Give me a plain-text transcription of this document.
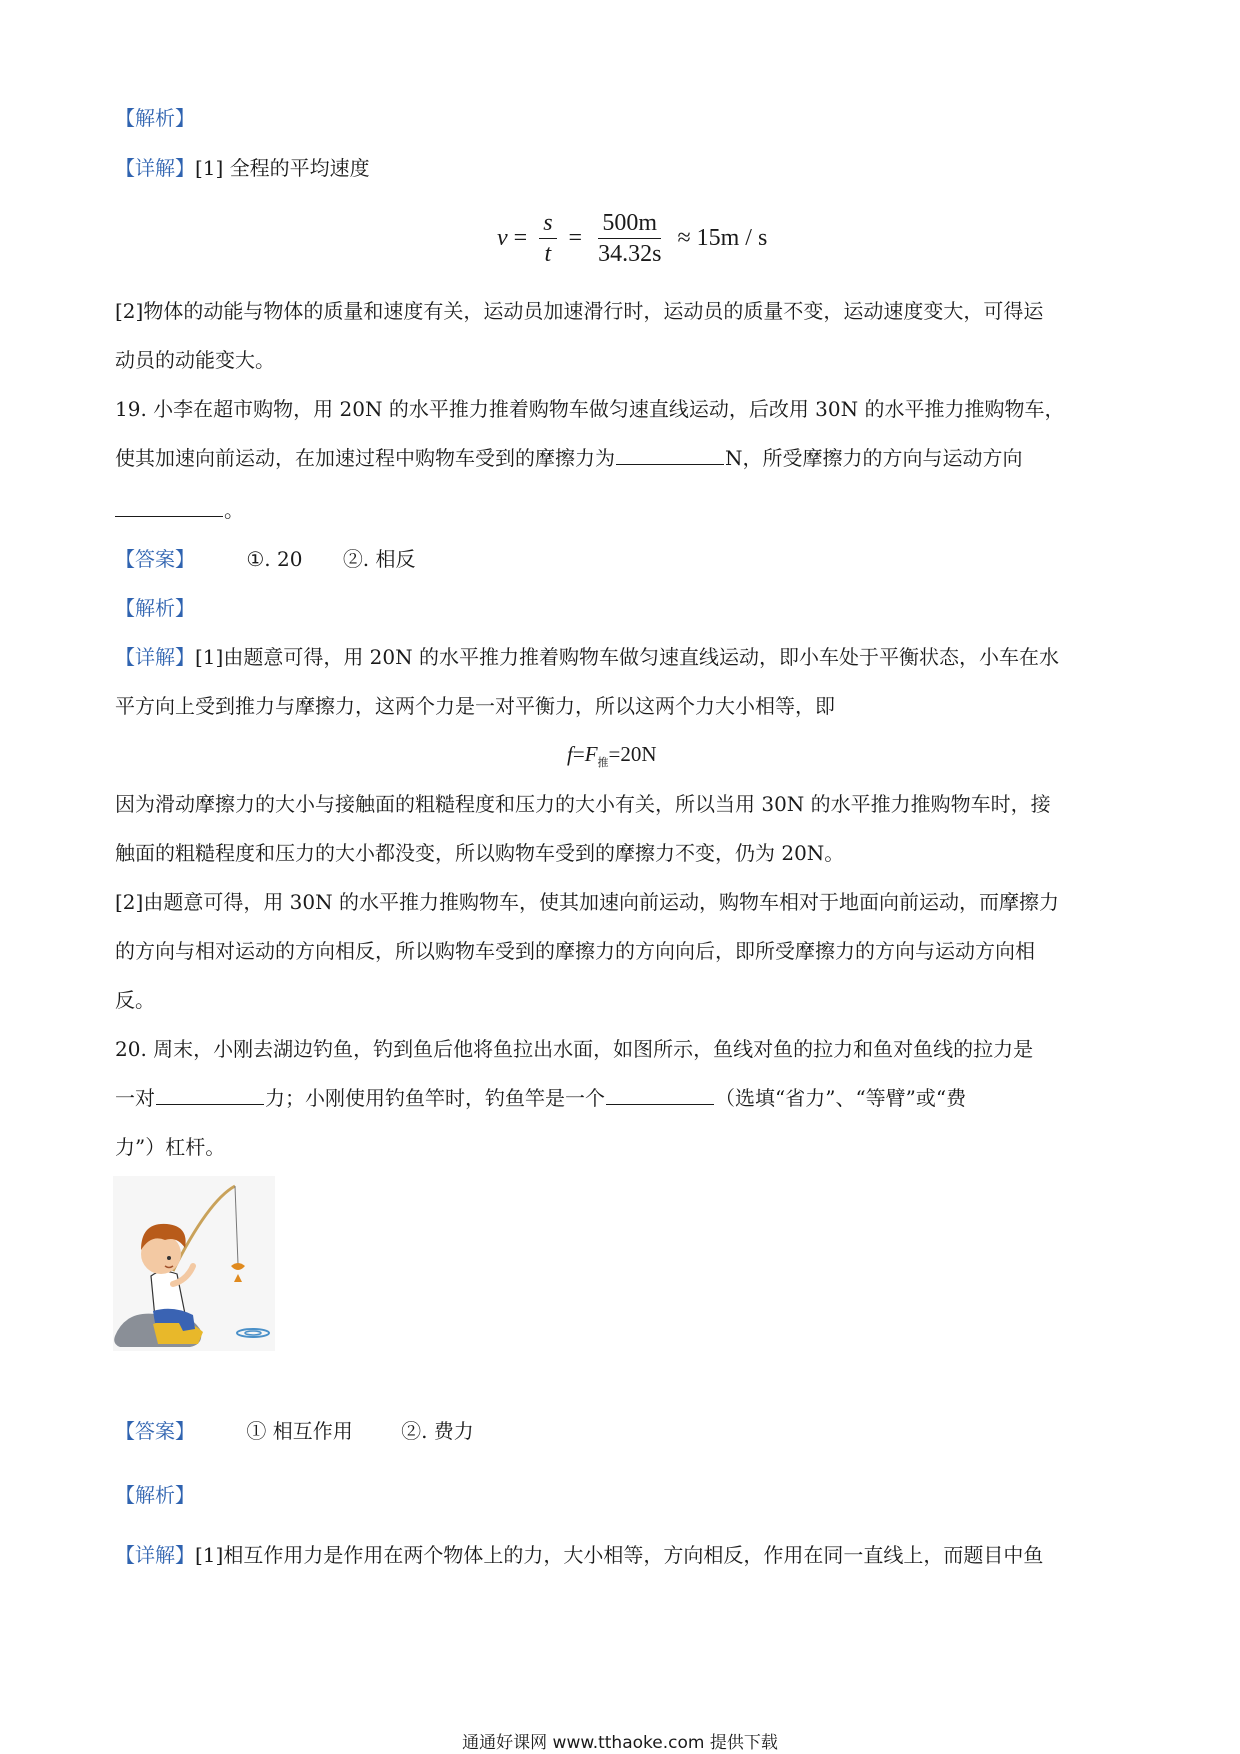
【解析】
【详解】[1] 全程的平均速度
$v = \frac{s}{t} = \frac{500m}{34.32s} \approx 15m / s$
[2]物体的动能与物体的质量和速度有关，运动员加速滑行时，运动员的质量不变，运动速度变大，可得运
动员的动能变大。
19. 小李在超市购物，用 20N 的水平推力推着购物车做匀速直线运动，后改用 30N 的水平推力推购物车，
使其加速向前运动，在加速过程中购物车受到的摩擦力为	N，所受摩擦力的方向与运动方向
。
【答案】	①. 20 ②. 相反
【解析】
【详解】[1]由题意可得，用 20N 的水平推力推着购物车做匀速直线运动，即小车处于平衡状态，小车在水
平方向上受到推力与摩擦力，这两个力是一对平衡力，所以这两个力大小相等，即
$f=F_推=20N$
因为滑动摩擦力的大小与接触面的粗糙程度和压力的大小有关，所以当用 30N 的水平推力推购物车时，接
触面的粗糙程度和压力的大小都没变，所以购物车受到的摩擦力不变，仍为 20N。
[2]由题意可得，用 30N 的水平推力推购物车，使其加速向前运动，购物车相对于地面向前运动，而摩擦力
的方向与相对运动的方向相反，所以购物车受到的摩擦力的方向向后，即所受摩擦力的方向与运动方向相
反。
20. 周末，小刚去湖边钓鱼，钓到鱼后他将鱼拉出水面，如图所示，鱼线对鱼的拉力和鱼对鱼线的拉力是
一对	力；小刚使用钓鱼竿时，钓鱼竿是一个	（选填“省力”、“等臂”或“费
力”）杠杆。
【答案】	① 相互作用 ②. 费力
【解析】
【详解】[1]相互作用力是作用在两个物体上的力，大小相等，方向相反，作用在同一直线上，而题目中鱼
通通好课网 www.tthaoke.com 提供下载
